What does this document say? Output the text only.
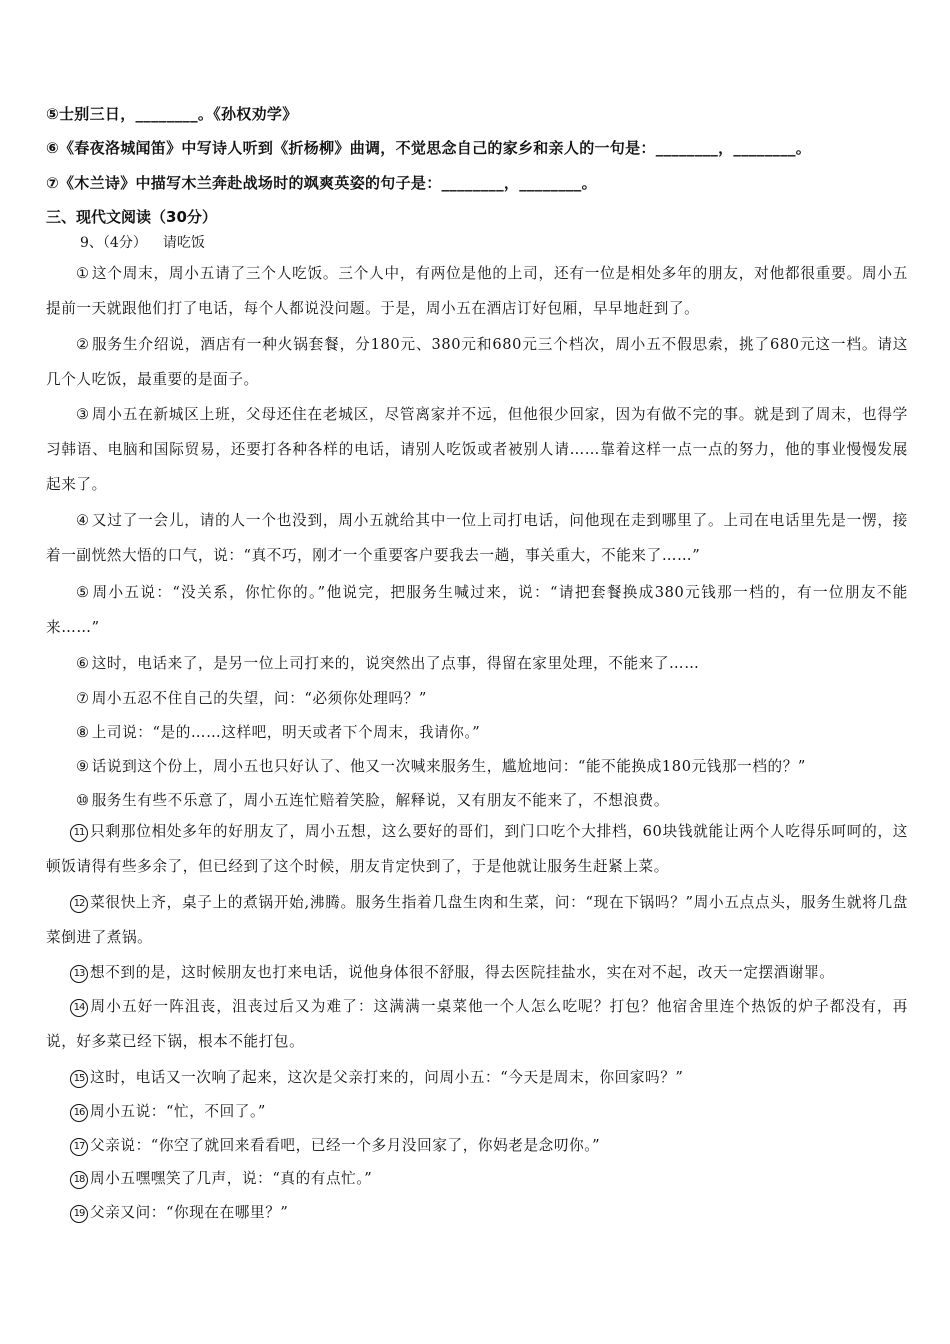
⑤士别三日，________。《孙权劝学》
⑥《春夜洛城闻笛》中写诗人听到《折杨柳》曲调，不觉思念自己的家乡和亲人的一句是：________，________。
⑦《木兰诗》中描写木兰奔赴战场时的飒爽英姿的句子是：________，________。
三、现代文阅读（30分）
9、（4分） 请吃饭
① 这个周末，周小五请了三个人吃饭。三个人中，有两位是他的上司，还有一位是相处多年的朋友，对他都很重要。周小五提前一天就跟他们打了电话，每个人都说没问题。于是，周小五在酒店订好包厢，早早地赶到了。
② 服务生介绍说，酒店有一种火锅套餐，分180元、380元和680元三个档次，周小五不假思索，挑了680元这一档。请这几个人吃饭，最重要的是面子。
③ 周小五在新城区上班，父母还住在老城区，尽管离家并不远，但他很少回家，因为有做不完的事。就是到了周末，也得学习韩语、电脑和国际贸易，还要打各种各样的电话，请别人吃饭或者被别人请……靠着这样一点一点的努力，他的事业慢慢发展起来了。
④ 又过了一会儿，请的人一个也没到，周小五就给其中一位上司打电话，问他现在走到哪里了。上司在电话里先是一愣，接着一副恍然大悟的口气，说：“真不巧，刚才一个重要客户要我去一趟，事关重大，不能来了……”
⑤ 周小五说：“没关系，你忙你的。”他说完，把服务生喊过来，说：“请把套餐换成380元钱那一档的，有一位朋友不能来……”
⑥ 这时，电话来了，是另一位上司打来的，说突然出了点事，得留在家里处理，不能来了……
⑦ 周小五忍不住自己的失望，问：“必须你处理吗？”
⑧ 上司说：“是的……这样吧，明天或者下个周末，我请你。”
⑨ 话说到这个份上，周小五也只好认了、他又一次喊来服务生，尴尬地问：“能不能换成180元钱那一档的？”
⑩ 服务生有些不乐意了，周小五连忙赔着笑脸，解释说，又有朋友不能来了，不想浪费。
11 只剩那位相处多年的好朋友了，周小五想，这么要好的哥们，到门口吃个大排档，60块钱就能让两个人吃得乐呵呵的，这顿饭请得有些多余了，但已经到了这个时候，朋友肯定快到了，于是他就让服务生赶紧上菜。
12 菜很快上齐，桌子上的煮锅开始,沸腾。服务生指着几盘生肉和生菜，问：“现在下锅吗？”周小五点点头，服务生就将几盘菜倒进了煮锅。
13 想不到的是，这时候朋友也打来电话，说他身体很不舒服，得去医院挂盐水，实在对不起，改天一定摆酒谢罪。
14 周小五好一阵沮丧，沮丧过后又为难了：这满满一桌菜他一个人怎么吃呢？打包？他宿舍里连个热饭的炉子都没有，再说，好多菜已经下锅，根本不能打包。
15 这时，电话又一次响了起来，这次是父亲打来的，问周小五：“今天是周末，你回家吗？”
16 周小五说：“忙，不回了。”
17 父亲说：“你空了就回来看看吧，已经一个多月没回家了，你妈老是念叨你。”
18 周小五嘿嘿笑了几声，说：“真的有点忙。”
19 父亲又问：“你现在在哪里？”
